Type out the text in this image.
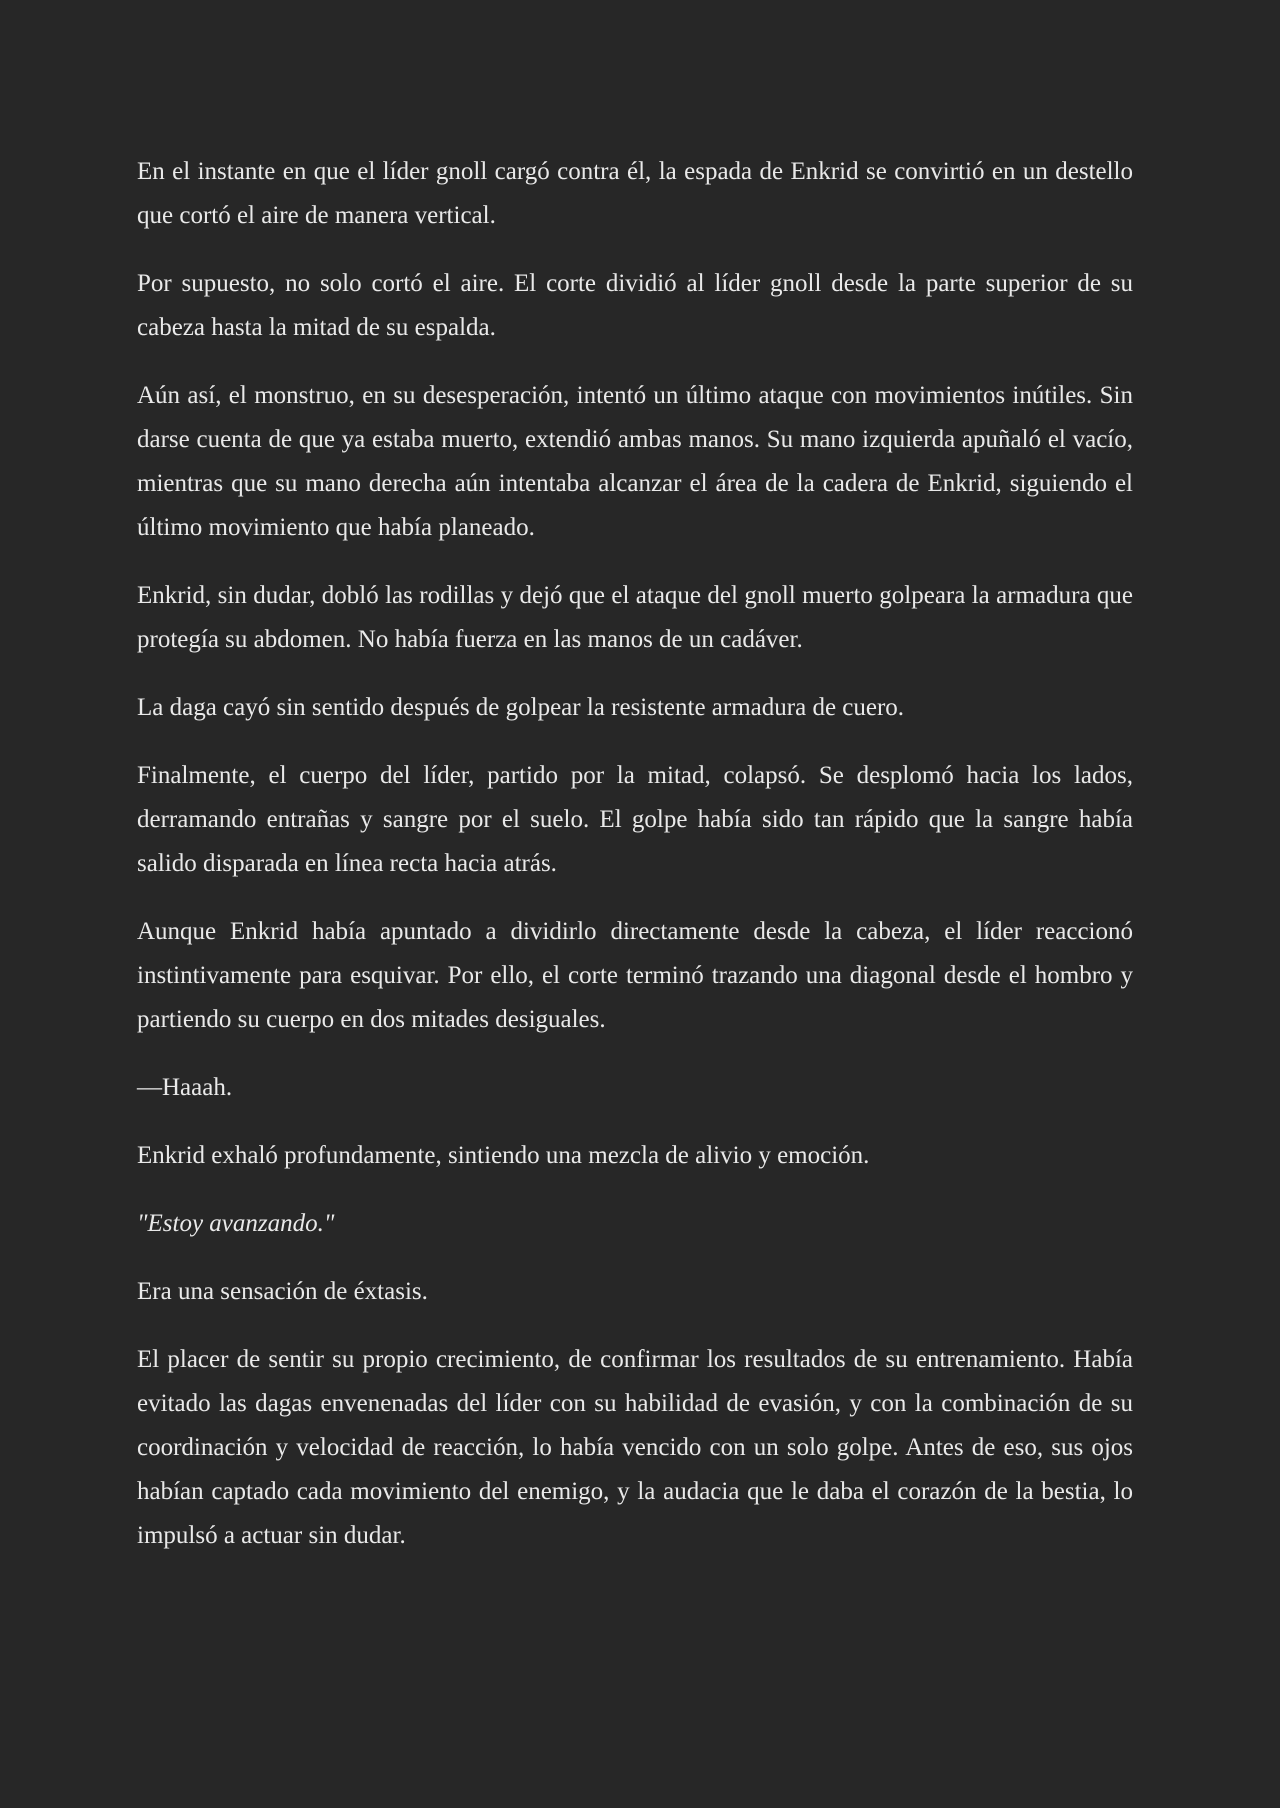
En el instante en que el líder gnoll cargó contra él, la espada de Enkrid se convirtió en un destello que cortó el aire de manera vertical.

Por supuesto, no solo cortó el aire. El corte dividió al líder gnoll desde la parte superior de su cabeza hasta la mitad de su espalda.

Aún así, el monstruo, en su desesperación, intentó un último ataque con movimientos inútiles. Sin darse cuenta de que ya estaba muerto, extendió ambas manos. Su mano izquierda apuñaló el vacío, mientras que su mano derecha aún intentaba alcanzar el área de la cadera de Enkrid, siguiendo el último movimiento que había planeado.

Enkrid, sin dudar, dobló las rodillas y dejó que el ataque del gnoll muerto golpeara la armadura que protegía su abdomen. No había fuerza en las manos de un cadáver.

La daga cayó sin sentido después de golpear la resistente armadura de cuero.

Finalmente, el cuerpo del líder, partido por la mitad, colapsó. Se desplomó hacia los lados, derramando entrañas y sangre por el suelo. El golpe había sido tan rápido que la sangre había salido disparada en línea recta hacia atrás.

Aunque Enkrid había apuntado a dividirlo directamente desde la cabeza, el líder reaccionó instintivamente para esquivar. Por ello, el corte terminó trazando una diagonal desde el hombro y partiendo su cuerpo en dos mitades desiguales.

—Haaah.

Enkrid exhaló profundamente, sintiendo una mezcla de alivio y emoción.

"Estoy avanzando."

Era una sensación de éxtasis.

El placer de sentir su propio crecimiento, de confirmar los resultados de su entrenamiento. Había evitado las dagas envenenadas del líder con su habilidad de evasión, y con la combinación de su coordinación y velocidad de reacción, lo había vencido con un solo golpe. Antes de eso, sus ojos habían captado cada movimiento del enemigo, y la audacia que le daba el corazón de la bestia, lo impulsó a actuar sin dudar.
